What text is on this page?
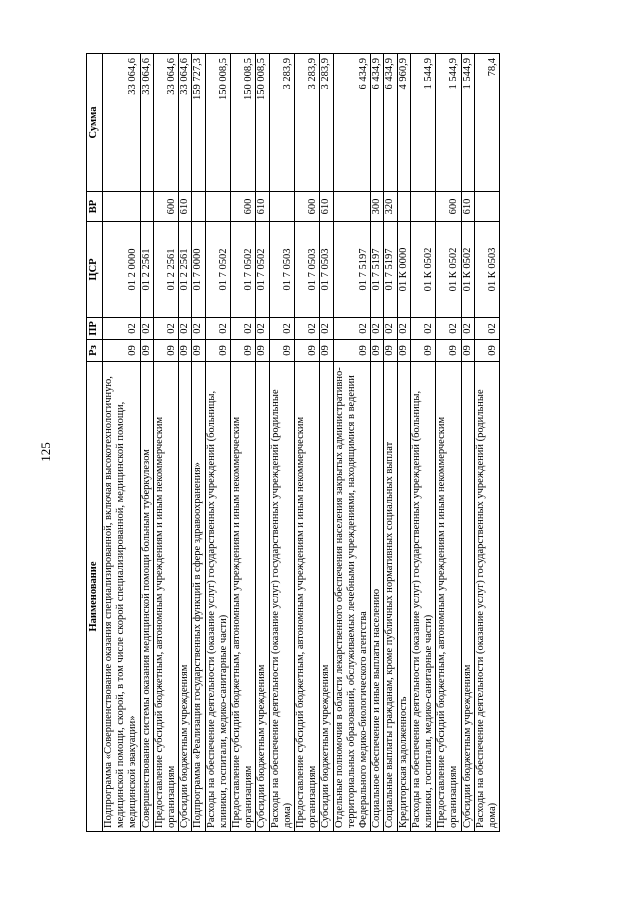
125
Наименование	Рз	ПР	ЦСР	ВР	Сумма
Подпрограмма «Совершенствование оказания специализированной, включая высокотехнологичную, медицинской помощи, скорой, в том числе скорой специализированной, медицинской помощи, медицинской эвакуации»	09	02	01 2 0000		33 064,6
Совершенствование системы оказания медицинской помощи больным туберкулезом	09	02	01 2 2561		33 064,6
Предоставление субсидий бюджетным, автономным учреждениям и иным некоммерческим организациям	09	02	01 2 2561	600	33 064,6
Субсидии бюджетным учреждениям	09	02	01 2 2561	610	33 064,6
Подпрограмма «Реализация государственных функций в сфере здравоохранения»	09	02	01 7 0000		159 727,3
Расходы на обеспечение деятельности (оказание услуг) государственных учреждений (больницы, клиники, госпитали, медико-санитарные части)	09	02	01 7 0502		150 008,5
Предоставление субсидий бюджетным, автономным учреждениям и иным некоммерческим организациям	09	02	01 7 0502	600	150 008,5
Субсидии бюджетным учреждениям	09	02	01 7 0502	610	150 008,5
Расходы на обеспечение деятельности (оказание услуг) государственных учреждений (родильные дома)	09	02	01 7 0503		3 283,9
Предоставление субсидий бюджетным, автономным учреждениям и иным некоммерческим организациям	09	02	01 7 0503	600	3 283,9
Субсидии бюджетным учреждениям	09	02	01 7 0503	610	3 283,9
Отдельные полномочия в области лекарственного обеспечения населения закрытых административно-территориальных образований, обслуживаемых лечебными учреждениями, находящимися в ведении Федерального медико-биологического агентства	09	02	01 7 5197		6 434,9
Социальное обеспечение и иные выплаты населению	09	02	01 7 5197	300	6 434,9
Социальные выплаты гражданам, кроме публичных нормативных социальных выплат	09	02	01 7 5197	320	6 434,9
Кредиторская задолженность	09	02	01 К 0000		4 960,9
Расходы на обеспечение деятельности (оказание услуг) государственных учреждений (больницы, клиники, госпитали, медико-санитарные части)	09	02	01 К 0502		1 544,9
Предоставление субсидий бюджетным, автономным учреждениям и иным некоммерческим организациям	09	02	01 К 0502	600	1 544,9
Субсидии бюджетным учреждениям	09	02	01 К 0502	610	1 544,9
Расходы на обеспечение деятельности (оказание услуг) государственных учреждений (родильные дома)	09	02	01 К 0503		78,4
